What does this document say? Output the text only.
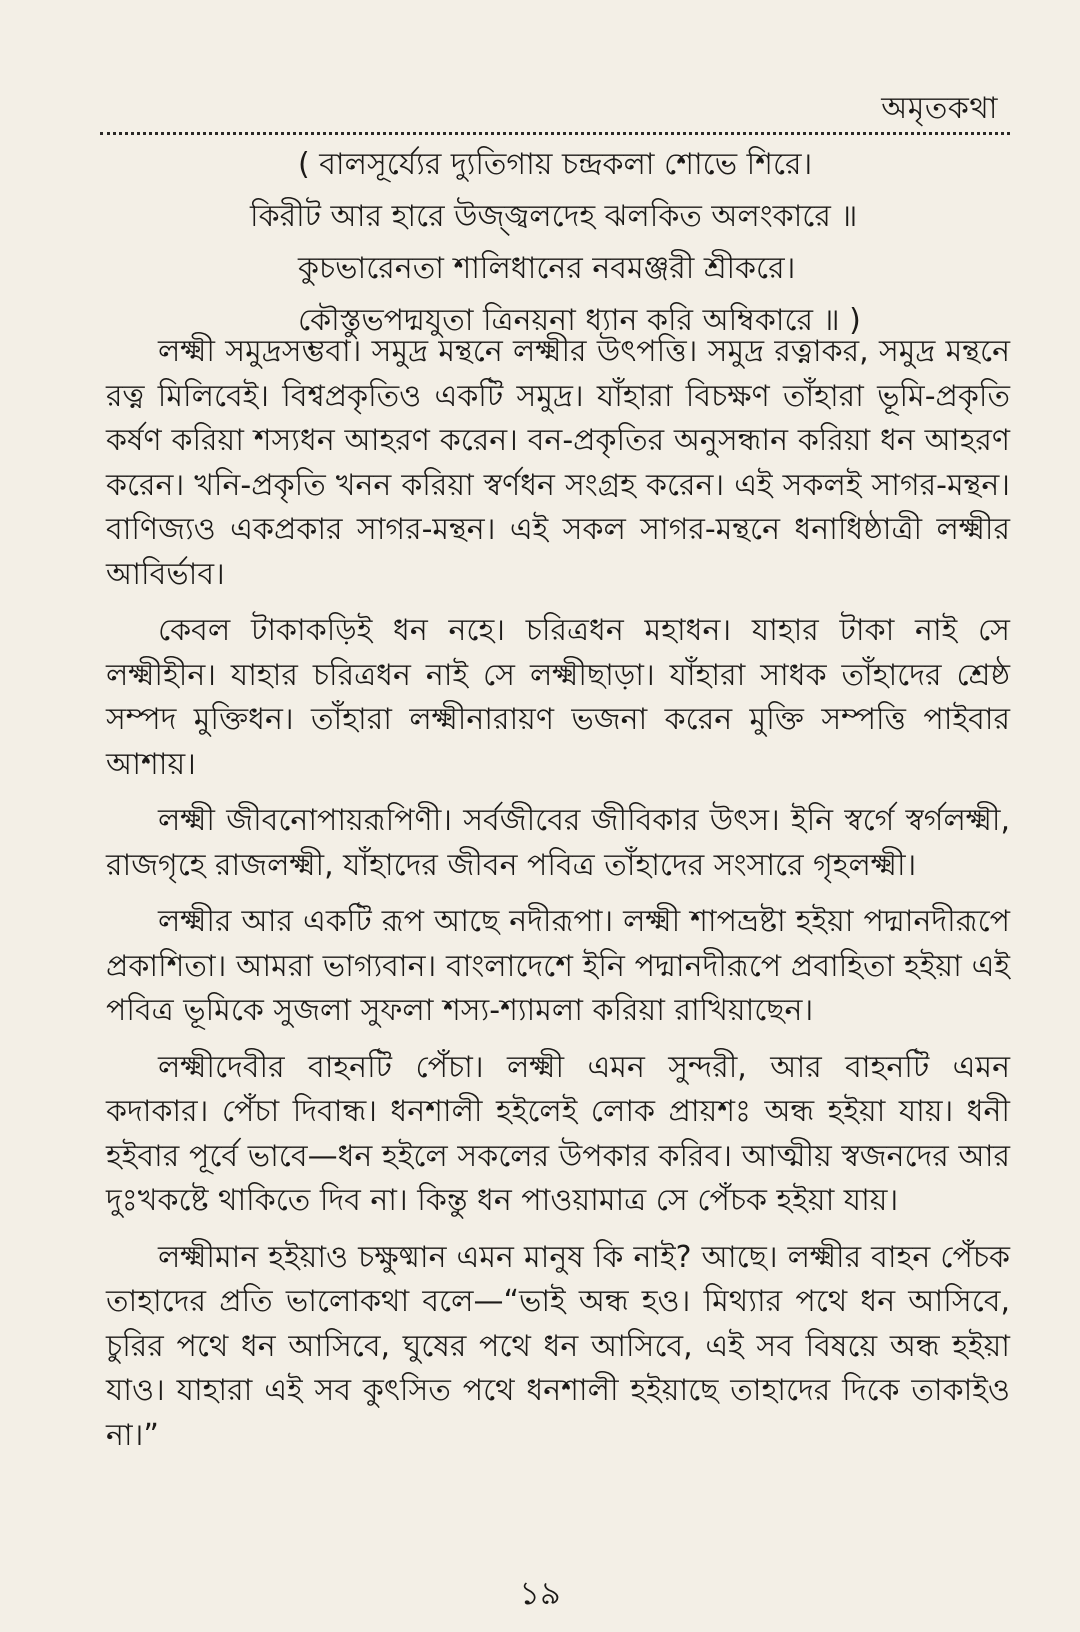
অমৃতকথা
( বালসূর্য্যের দ্যুতিগায় চন্দ্রকলা শোভে শিরে।
কিরীট আর হারে উজ্জ্বলদেহ ঝলকিত অলংকারে ॥
কুচভারেনতা শালিধানের নবমঞ্জরী শ্রীকরে।
কৌস্তুভপদ্মযুতা ত্রিনয়না ধ্যান করি অম্বিকারে ॥ )

লক্ষ্মী সমুদ্রসম্ভবা। সমুদ্র মন্থনে লক্ষ্মীর উৎপত্তি। সমুদ্র রত্নাকর, সমুদ্র মন্থনে রত্ন মিলিবেই। বিশ্বপ্রকৃতিও একটি সমুদ্র। যাঁহারা বিচক্ষণ তাঁহারা ভূমি-প্রকৃতি কর্ষণ করিয়া শস্যধন আহরণ করেন। বন-প্রকৃতির অনুসন্ধান করিয়া ধন আহরণ করেন। খনি-প্রকৃতি খনন করিয়া স্বর্ণধন সংগ্রহ করেন। এই সকলই সাগর-মন্থন। বাণিজ্যও একপ্রকার সাগর-মন্থন। এই সকল সাগর-মন্থনে ধনাধিষ্ঠাত্রী লক্ষ্মীর আবির্ভাব।

কেবল টাকাকড়িই ধন নহে। চরিত্রধন মহাধন। যাহার টাকা নাই সে লক্ষ্মীহীন। যাহার চরিত্রধন নাই সে লক্ষ্মীছাড়া। যাঁহারা সাধক তাঁহাদের শ্রেষ্ঠ সম্পদ মুক্তিধন। তাঁহারা লক্ষ্মীনারায়ণ ভজনা করেন মুক্তি সম্পত্তি পাইবার আশায়।

লক্ষ্মী জীবনোপায়রূপিণী। সর্বজীবের জীবিকার উৎস। ইনি স্বর্গে স্বর্গলক্ষ্মী, রাজগৃহে রাজলক্ষ্মী, যাঁহাদের জীবন পবিত্র তাঁহাদের সংসারে গৃহলক্ষ্মী।

লক্ষ্মীর আর একটি রূপ আছে নদীরূপা। লক্ষ্মী শাপভ্রষ্টা হইয়া পদ্মানদীরূপে প্রকাশিতা। আমরা ভাগ্যবান। বাংলাদেশে ইনি পদ্মানদীরূপে প্রবাহিতা হইয়া এই পবিত্র ভূমিকে সুজলা সুফলা শস্য-শ্যামলা করিয়া রাখিয়াছেন।

লক্ষ্মীদেবীর বাহনটি পেঁচা। লক্ষ্মী এমন সুন্দরী, আর বাহনটি এমন কদাকার। পেঁচা দিবান্ধ। ধনশালী হইলেই লোক প্রায়শঃ অন্ধ হইয়া যায়। ধনী হইবার পূর্বে ভাবে—ধন হইলে সকলের উপকার করিব। আত্মীয় স্বজনদের আর দুঃখকষ্টে থাকিতে দিব না। কিন্তু ধন পাওয়ামাত্র সে পেঁচক হইয়া যায়।

লক্ষ্মীমান হইয়াও চক্ষুষ্মান এমন মানুষ কি নাই? আছে। লক্ষ্মীর বাহন পেঁচক তাহাদের প্রতি ভালোকথা বলে—“ভাই অন্ধ হও। মিথ্যার পথে ধন আসিবে, চুরির পথে ধন আসিবে, ঘুষের পথে ধন আসিবে, এই সব বিষয়ে অন্ধ হইয়া যাও। যাহারা এই সব কুৎসিত পথে ধনশালী হইয়াছে তাহাদের দিকে তাকাইও না।”

১৯
